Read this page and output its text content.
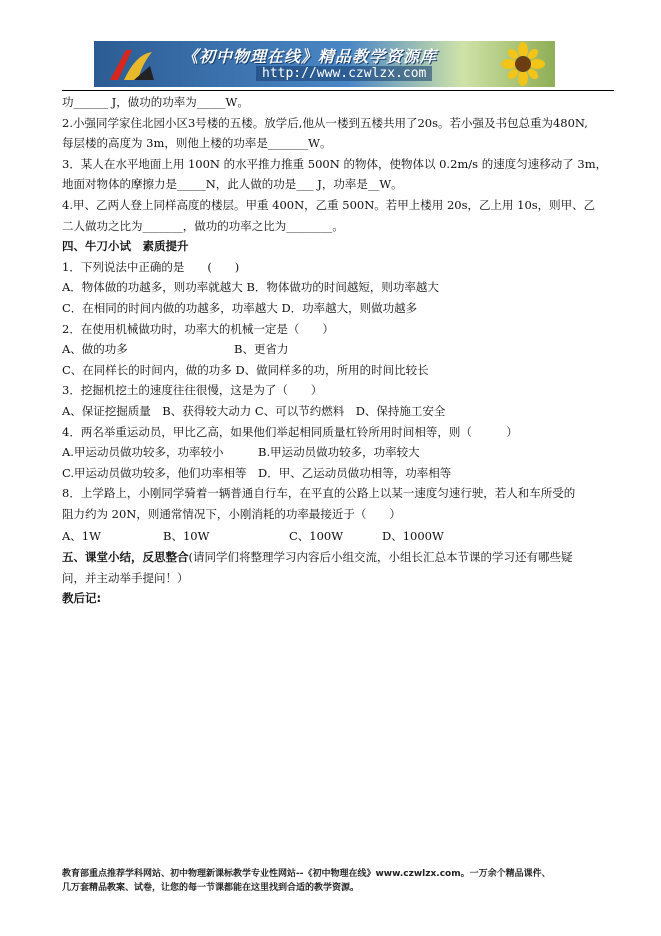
《初中物理在线》精品教学资源库
http://www.czwlzx.com

功______ J，做功的功率为_____W。

2.小强同学家住北园小区3号楼的五楼。放学后,他从一楼到五楼共用了20s。若小强及书包总重为480N,

每层楼的高度为 3m，则他上楼的功率是_______W。

3．某人在水平地面上用 100N 的水平推力推重 500N 的物体，使物体以 0.2m/s 的速度匀速移动了 3m，

地面对物体的摩擦力是_____N，此人做的功是___ J，功率是__W。

4.甲、乙两人登上同样高度的楼层。甲重 400N，乙重 500N。若甲上楼用 20s，乙上用 10s，则甲、乙

二人做功之比为_______，做功的功率之比为________。

四、牛刀小试　素质提升

1．下列说法中正确的是　　(　　)

A．物体做的功越多，则功率就越大 B．物体做功的时间越短，则功率越大

C．在相同的时间内做的功越多，功率越大 D．功率越大，则做功越多

2．在使用机械做功时，功率大的机械一定是（　　）

A、做的功多	B、更省力

C、在同样长的时间内，做的功多 D、做同样多的功，所用的时间比较长

3．挖掘机挖土的速度往往很慢，这是为了（　　）

A、保证挖掘质量　B、获得较大动力 C、可以节约燃料　D、保持施工安全

4．两名举重运动员，甲比乙高，如果他们举起相同质量杠铃所用时间相等，则（　　　）

A.甲运动员做功较多，功率较小	B.甲运动员做功较多，功率较大

C.甲运动员做功较多，他们功率相等 D．甲、乙运动员做功相等，功率相等

8．上学路上，小刚同学骑着一辆普通自行车，在平直的公路上以某一速度匀速行驶，若人和车所受的

阻力约为 20N，则通常情况下，小刚消耗的功率最接近于（　　）

A、1W	B、10W	C、100W	D、1000W

五、课堂小结，反思整合(请同学们将整理学习内容后小组交流，小组长汇总本节课的学习还有哪些疑

问，并主动举手提问！）

教后记:

教育部重点推荐学科网站、初中物理新课标教学专业性网站--《初中物理在线》www.czwlzx.com。一万余个精品课件、

几万套精品教案、试卷，让您的每一节课都能在这里找到合适的教学资源。
